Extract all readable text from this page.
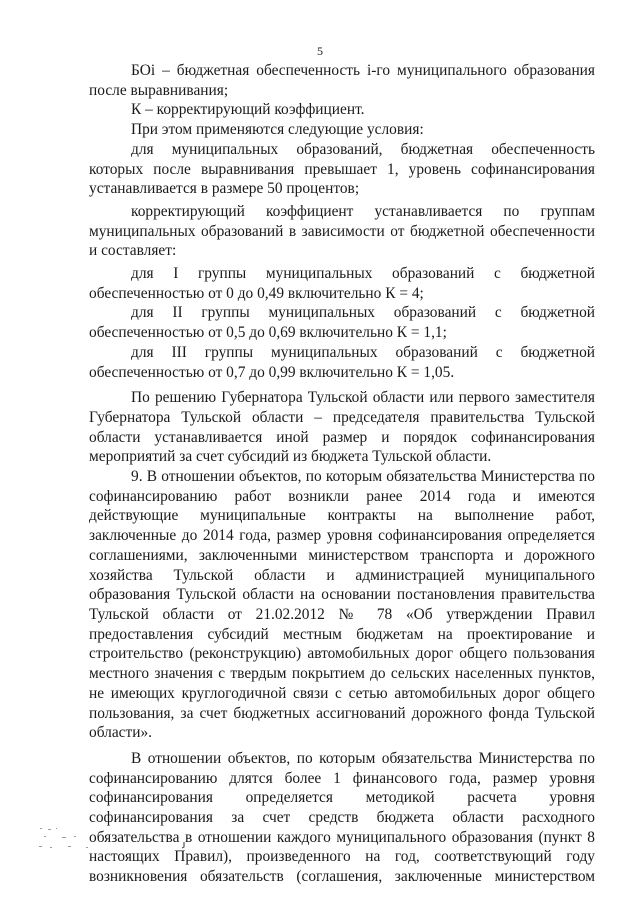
5

БОi – бюджетная обеспеченность i-го муниципального образования после выравнивания;

К – корректирующий коэффициент.

При этом применяются следующие условия:

для муниципальных образований, бюджетная обеспеченность которых после выравнивания превышает 1, уровень софинансирования устанавливается в размере 50 процентов;

корректирующий коэффициент устанавливается по группам муниципальных образований в зависимости от бюджетной обеспеченности и составляет:

для I группы муниципальных образований с бюджетной обеспеченностью от 0 до 0,49 включительно К = 4;

для II группы муниципальных образований с бюджетной обеспеченностью от 0,5 до 0,69 включительно К = 1,1;

для III группы муниципальных образований с бюджетной обеспеченностью от 0,7 до 0,99 включительно К = 1,05.

По решению Губернатора Тульской области или первого заместителя Губернатора Тульской области – председателя правительства Тульской области устанавливается иной размер и порядок софинансирования мероприятий за счет субсидий из бюджета Тульской области.

9. В отношении объектов, по которым обязательства Министерства по софинансированию работ возникли ранее 2014 года и имеются действующие муниципальные контракты на выполнение работ, заключенные до 2014 года, размер уровня софинансирования определяется соглашениями, заключенными министерством транспорта и дорожного хозяйства Тульской области и администрацией муниципального образования Тульской области на основании постановления правительства Тульской области от 21.02.2012 № 78 «Об утверждении Правил предоставления субсидий местным бюджетам на проектирование и строительство (реконструкцию) автомобильных дорог общего пользования местного значения с твердым покрытием до сельских населенных пунктов, не имеющих круглогодичной связи с сетью автомобильных дорог общего пользования, за счет бюджетных ассигнований дорожного фонда Тульской области».

В отношении объектов, по которым обязательства Министерства по софинансированию длятся более 1 финансового года, размер уровня софинансирования определяется методикой расчета уровня софинансирования за счет средств бюджета области расходного обязательства в отношении каждого муниципального образования (пункт 8 настоящих Правил), произведенного на год, соответствующий году возникновения обязательств (соглашения, заключенные министерством
